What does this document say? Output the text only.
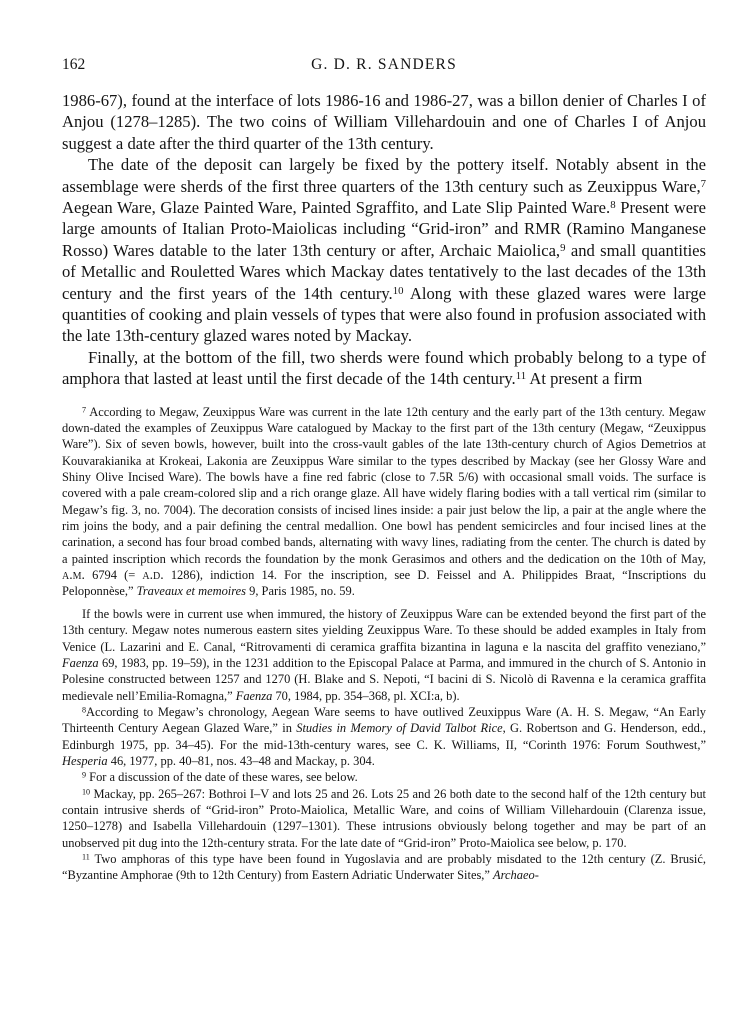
162	G. D. R. SANDERS

1986-67), found at the interface of lots 1986-16 and 1986-27, was a billon denier of Charles I of Anjou (1278–1285). The two coins of William Villehardouin and one of Charles I of Anjou suggest a date after the third quarter of the 13th century.

The date of the deposit can largely be fixed by the pottery itself. Notably absent in the assemblage were sherds of the first three quarters of the 13th century such as Zeuxippus Ware,$^7$ Aegean Ware, Glaze Painted Ware, Painted Sgraffito, and Late Slip Painted Ware.$^8$ Present were large amounts of Italian Proto-Maiolicas including “Grid-iron” and RMR (Ramino Manganese Rosso) Wares datable to the later 13th century or after, Archaic Maiolica,$^9$ and small quantities of Metallic and Rouletted Wares which Mackay dates tentatively to the last decades of the 13th century and the first years of the 14th century.$^{10}$ Along with these glazed wares were large quantities of cooking and plain vessels of types that were also found in profusion associated with the late 13th-century glazed wares noted by Mackay.

Finally, at the bottom of the fill, two sherds were found which probably belong to a type of amphora that lasted at least until the first decade of the 14th century.$^{11}$ At present a firm

$^7$ According to Megaw, Zeuxippus Ware was current in the late 12th century and the early part of the 13th century. Megaw down-dated the examples of Zeuxippus Ware catalogued by Mackay to the first part of the 13th century (Megaw, “Zeuxippus Ware”). Six of seven bowls, however, built into the cross-vault gables of the late 13th-century church of Agios Demetrios at Kouvarakianika at Krokeai, Lakonia are Zeuxippus Ware similar to the types described by Mackay (see her Glossy Ware and Shiny Olive Incised Ware). The bowls have a fine red fabric (close to 7.5R 5/6) with occasional small voids. The surface is covered with a pale cream-colored slip and a rich orange glaze. All have widely flaring bodies with a tall vertical rim (similar to Megaw’s fig. 3, no. 7004). The decoration consists of incised lines inside: a pair just below the lip, a pair at the angle where the rim joins the body, and a pair defining the central medallion. One bowl has pendent semicircles and four incised lines at the carination, a second has four broad combed bands, alternating with wavy lines, radiating from the center. The church is dated by a painted inscription which records the foundation by the monk Gerasimos and others and the dedication on the 10th of May, a.m. 6794 (= a.d. 1286), indiction 14. For the inscription, see D. Feissel and A. Philippides Braat, “Inscriptions du Peloponnèse,” Traveaux et memoires 9, Paris 1985, no. 59.

If the bowls were in current use when immured, the history of Zeuxippus Ware can be extended beyond the first part of the 13th century. Megaw notes numerous eastern sites yielding Zeuxippus Ware. To these should be added examples in Italy from Venice (L. Lazarini and E. Canal, “Ritrovamenti di ceramica graffita bizantina in laguna e la nascita del graffito veneziano,” Faenza 69, 1983, pp. 19–59), in the 1231 addition to the Episcopal Palace at Parma, and immured in the church of S. Antonio in Polesine constructed between 1257 and 1270 (H. Blake and S. Nepoti, “I bacini di S. Nicolò di Ravenna e la ceramica graffita medievale nell’Emilia-Romagna,” Faenza 70, 1984, pp. 354–368, pl. XCI:a, b).

$^8$According to Megaw’s chronology, Aegean Ware seems to have outlived Zeuxippus Ware (A. H. S. Megaw, “An Early Thirteenth Century Aegean Glazed Ware,” in Studies in Memory of David Talbot Rice, G. Robertson and G. Henderson, edd., Edinburgh 1975, pp. 34–45). For the mid-13th-century wares, see C. K. Williams, II, “Corinth 1976: Forum Southwest,” Hesperia 46, 1977, pp. 40–81, nos. 43–48 and Mackay, p. 304.

$^9$ For a discussion of the date of these wares, see below.

$^{10}$ Mackay, pp. 265–267: Bothroi I–V and lots 25 and 26. Lots 25 and 26 both date to the second half of the 12th century but contain intrusive sherds of “Grid-iron” Proto-Maiolica, Metallic Ware, and coins of William Villehardouin (Clarenza issue, 1250–1278) and Isabella Villehardouin (1297–1301). These intrusions obviously belong together and may be part of an unobserved pit dug into the 12th-century strata. For the late date of “Grid-iron” Proto-Maiolica see below, p. 170.

$^{11}$ Two amphoras of this type have been found in Yugoslavia and are probably misdated to the 12th century (Z. Brusić, “Byzantine Amphorae (9th to 12th Century) from Eastern Adriatic Underwater Sites,” Archaeo-
